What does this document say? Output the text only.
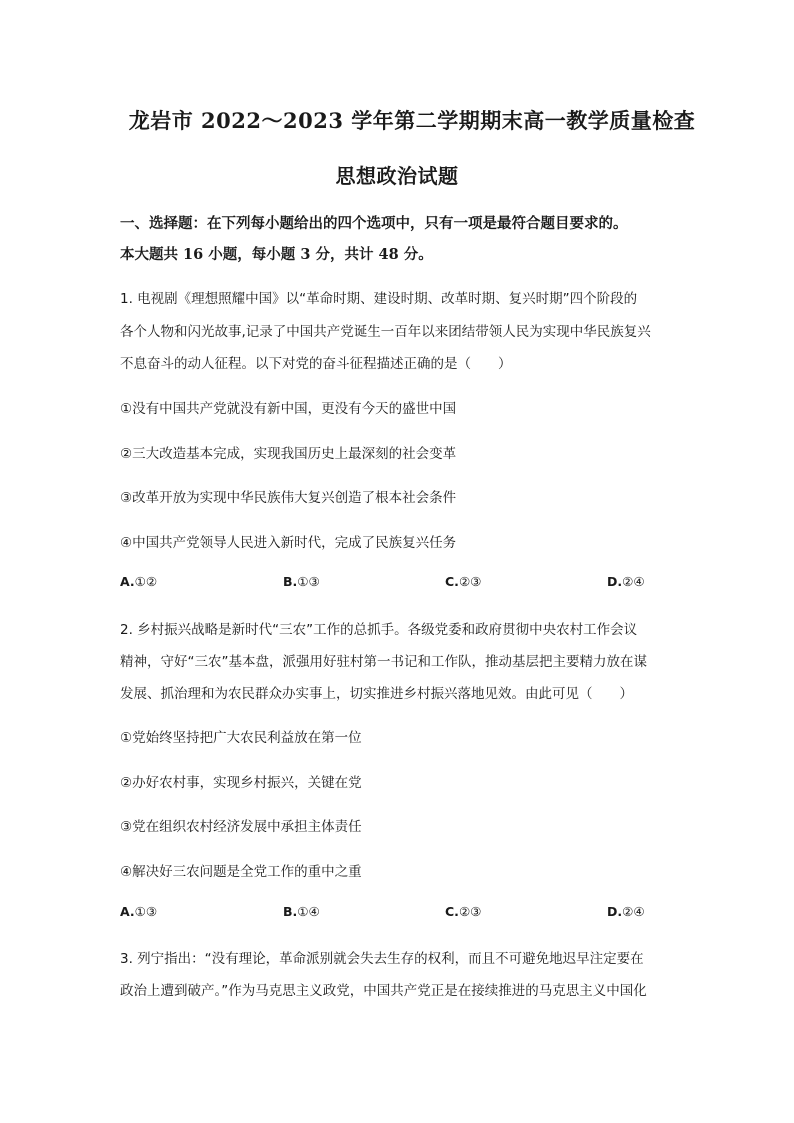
龙岩市 2022～2023 学年第二学期期末高一教学质量检查
思想政治试题
一、选择题：在下列每小题给出的四个选项中，只有一项是最符合题目要求的。
本大题共 16 小题，每小题 3 分，共计 48 分。
1. 电视剧《理想照耀中国》以“革命时期、建设时期、改革时期、复兴时期”四个阶段的
各个人物和闪光故事,记录了中国共产党诞生一百年以来团结带领人民为实现中华民族复兴
不息奋斗的动人征程。以下对党的奋斗征程描述正确的是（　　）
①没有中国共产党就没有新中国，更没有今天的盛世中国
②三大改造基本完成，实现我国历史上最深刻的社会变革
③改革开放为实现中华民族伟大复兴创造了根本社会条件
④中国共产党领导人民进入新时代，完成了民族复兴任务
A.①②	B.①③	C.②③	D.②④
2. 乡村振兴战略是新时代“三农”工作的总抓手。各级党委和政府贯彻中央农村工作会议
精神，守好“三农”基本盘，派强用好驻村第一书记和工作队，推动基层把主要精力放在谋
发展、抓治理和为农民群众办实事上，切实推进乡村振兴落地见效。由此可见（　　）
①党始终坚持把广大农民利益放在第一位
②办好农村事，实现乡村振兴，关键在党
③党在组织农村经济发展中承担主体责任
④解决好三农问题是全党工作的重中之重
A.①③	B.①④	C.②③	D.②④
3. 列宁指出：“没有理论，革命派别就会失去生存的权利，而且不可避免地迟早注定要在
政治上遭到破产。”作为马克思主义政党，中国共产党正是在接续推进的马克思主义中国化
